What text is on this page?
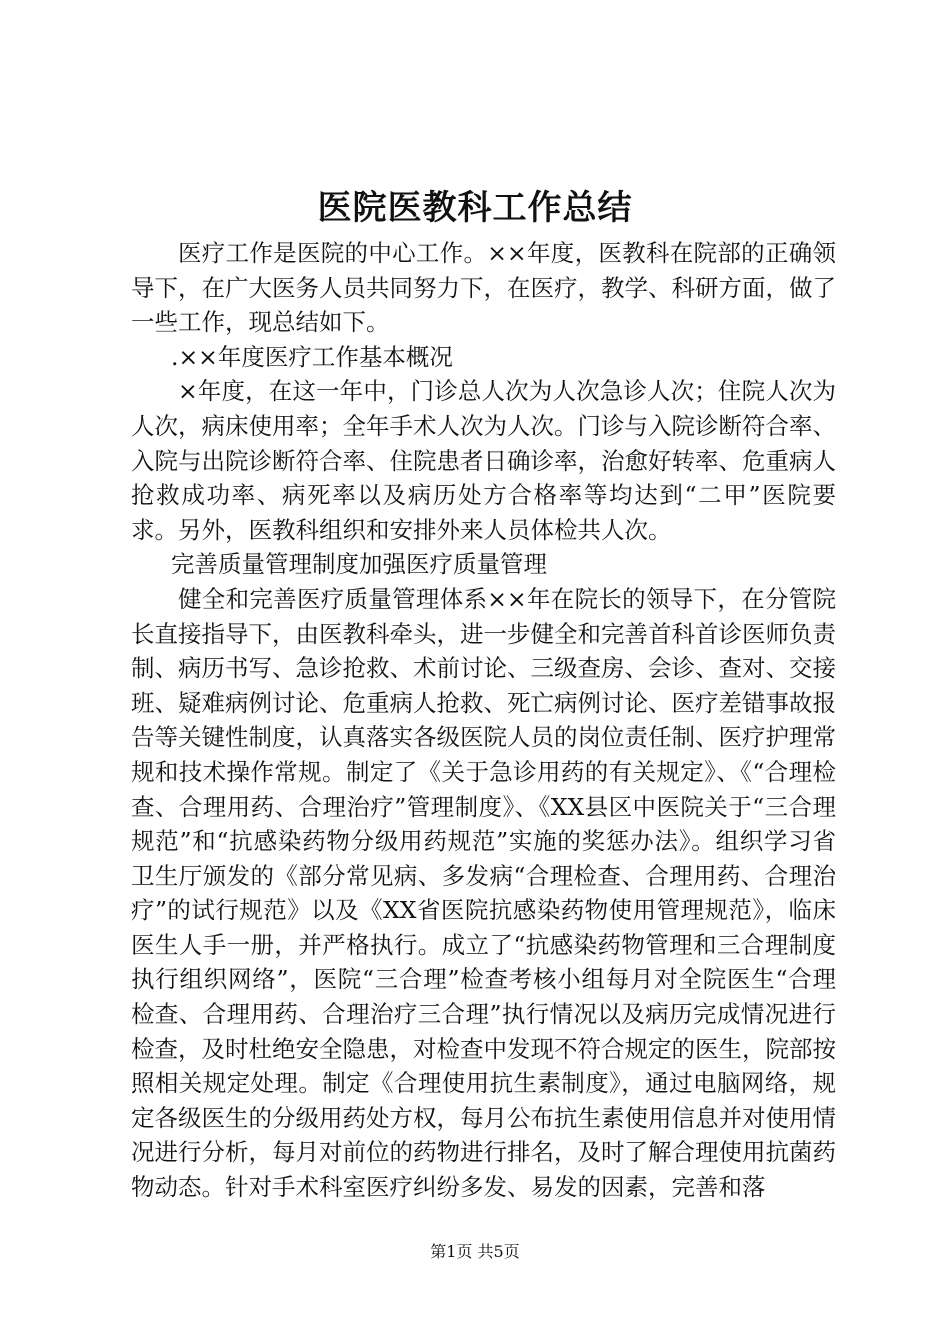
医院医教科工作总结

医疗工作是医院的中心工作。××年度，医教科在院部的正确领导下，在广大医务人员共同努力下，在医疗，教学、科研方面，做了一些工作，现总结如下。

.××年度医疗工作基本概况

×年度，在这一年中，门诊总人次为人次急诊人次；住院人次为人次，病床使用率；全年手术人次为人次。门诊与入院诊断符合率、入院与出院诊断符合率、住院患者日确诊率，治愈好转率、危重病人抢救成功率、病死率以及病历处方合格率等均达到“二甲”医院要求。另外，医教科组织和安排外来人员体检共人次。

完善质量管理制度加强医疗质量管理

健全和完善医疗质量管理体系××年在院长的领导下，在分管院长直接指导下，由医教科牵头，进一步健全和完善首科首诊医师负责制、病历书写、急诊抢救、术前讨论、三级查房、会诊、查对、交接班、疑难病例讨论、危重病人抢救、死亡病例讨论、医疗差错事故报告等关键性制度，认真落实各级医院人员的岗位责任制、医疗护理常规和技术操作常规。制定了《关于急诊用药的有关规定》、《“合理检查、合理用药、合理治疗”管理制度》、《XX县区中医院关于“三合理规范”和“抗感染药物分级用药规范”实施的奖惩办法》。组织学习省卫生厅颁发的《部分常见病、多发病“合理检查、合理用药、合理治疗”的试行规范》以及《XX省医院抗感染药物使用管理规范》，临床医生人手一册，并严格执行。成立了“抗感染药物管理和三合理制度执行组织网络”，医院“三合理”检查考核小组每月对全院医生“合理检查、合理用药、合理治疗三合理”执行情况以及病历完成情况进行检查，及时杜绝安全隐患，对检查中发现不符合规定的医生，院部按照相关规定处理。制定《合理使用抗生素制度》，通过电脑网络，规定各级医生的分级用药处方权，每月公布抗生素使用信息并对使用情况进行分析，每月对前位的药物进行排名，及时了解合理使用抗菌药物动态。针对手术科室医疗纠纷多发、易发的因素，完善和落

第1页 共5页
